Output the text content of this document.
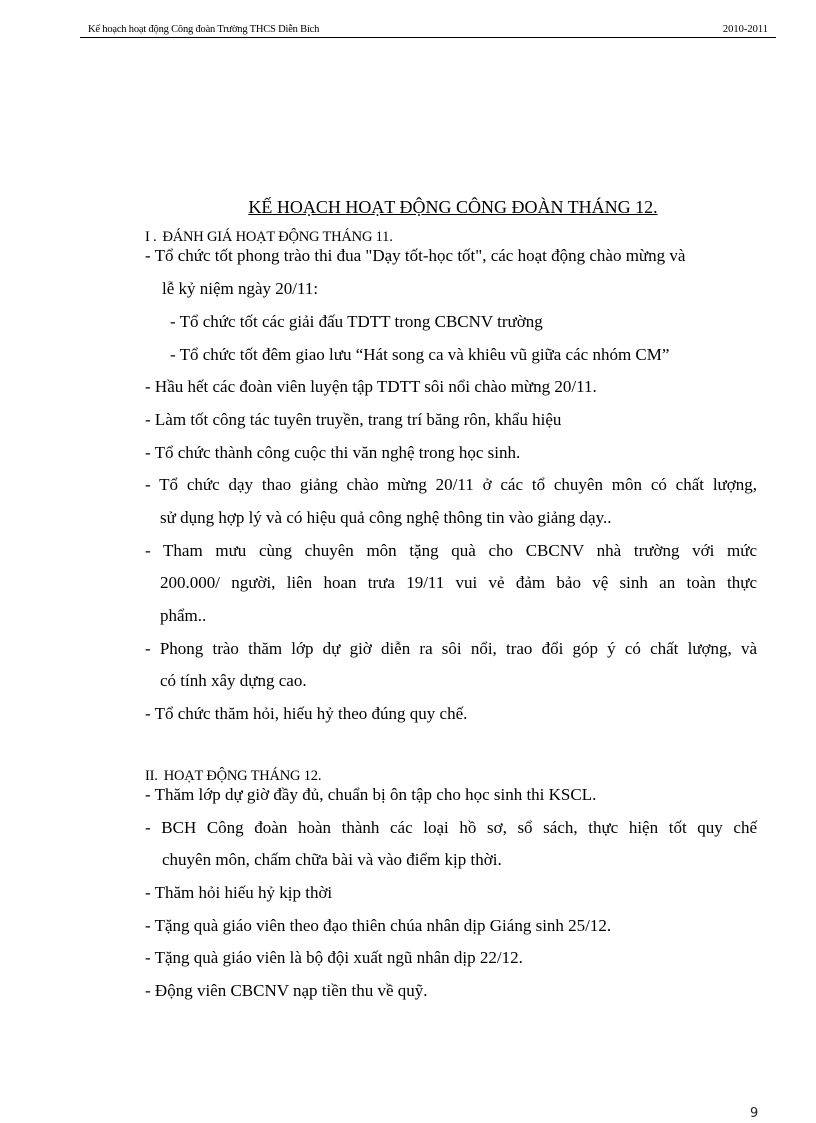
Kế hoạch hoạt động Công đoàn Trường THCS Diễn Bích	2010-2011
KẾ HOẠCH HOẠT ĐỘNG CÔNG ĐOÀN THÁNG 12.
I . ĐÁNH GIÁ HOẠT ĐỘNG THÁNG 11.
- Tổ chức tốt phong trào thi đua "Dạy tốt-học tốt", các hoạt động chào mừng và
lễ kỷ niệm ngày 20/11:
- Tổ chức tốt các giải đấu TDTT trong CBCNV trường
- Tổ chức tốt đêm giao lưu “Hát song ca và khiêu vũ giữa các nhóm CM”
- Hầu hết các đoàn viên luyện tập TDTT sôi nổi chào mừng 20/11.
- Làm tốt công tác tuyên truyền, trang trí băng rôn, khẩu hiệu
- Tổ chức thành công cuộc thi văn nghệ trong học sinh.
- Tổ chức dạy thao giảng chào mừng 20/11 ở các tổ chuyên môn có chất lượng,
sử dụng hợp lý và có hiệu quả công nghệ thông tin vào giảng dạy..
- Tham mưu cùng chuyên môn tặng quà cho CBCNV nhà trường với mức
200.000/ người, liên hoan trưa 19/11 vui vẻ đảm bảo vệ sinh an toàn thực
phẩm..
- Phong trào thăm lớp dự giờ diễn ra sôi nổi, trao đổi góp ý có chất lượng, và
có tính xây dựng cao.
- Tổ chức thăm hỏi, hiếu hỷ theo đúng quy chế.
II. HOẠT ĐỘNG THÁNG 12.
- Thăm lớp dự giờ đầy đủ, chuẩn bị ôn tập cho học sinh thi KSCL.
- BCH Công đoàn hoàn thành các loại hồ sơ, sổ sách, thực hiện tốt quy chế
chuyên môn, chấm chữa bài và vào điểm kịp thời.
- Thăm hỏi hiếu hỷ kịp thời
- Tặng quà giáo viên theo đạo thiên chúa nhân dịp Giáng sinh 25/12.
- Tặng quà giáo viên là bộ đội xuất ngũ nhân dịp 22/12.
- Động viên CBCNV nạp tiền thu về quỹ.
9
